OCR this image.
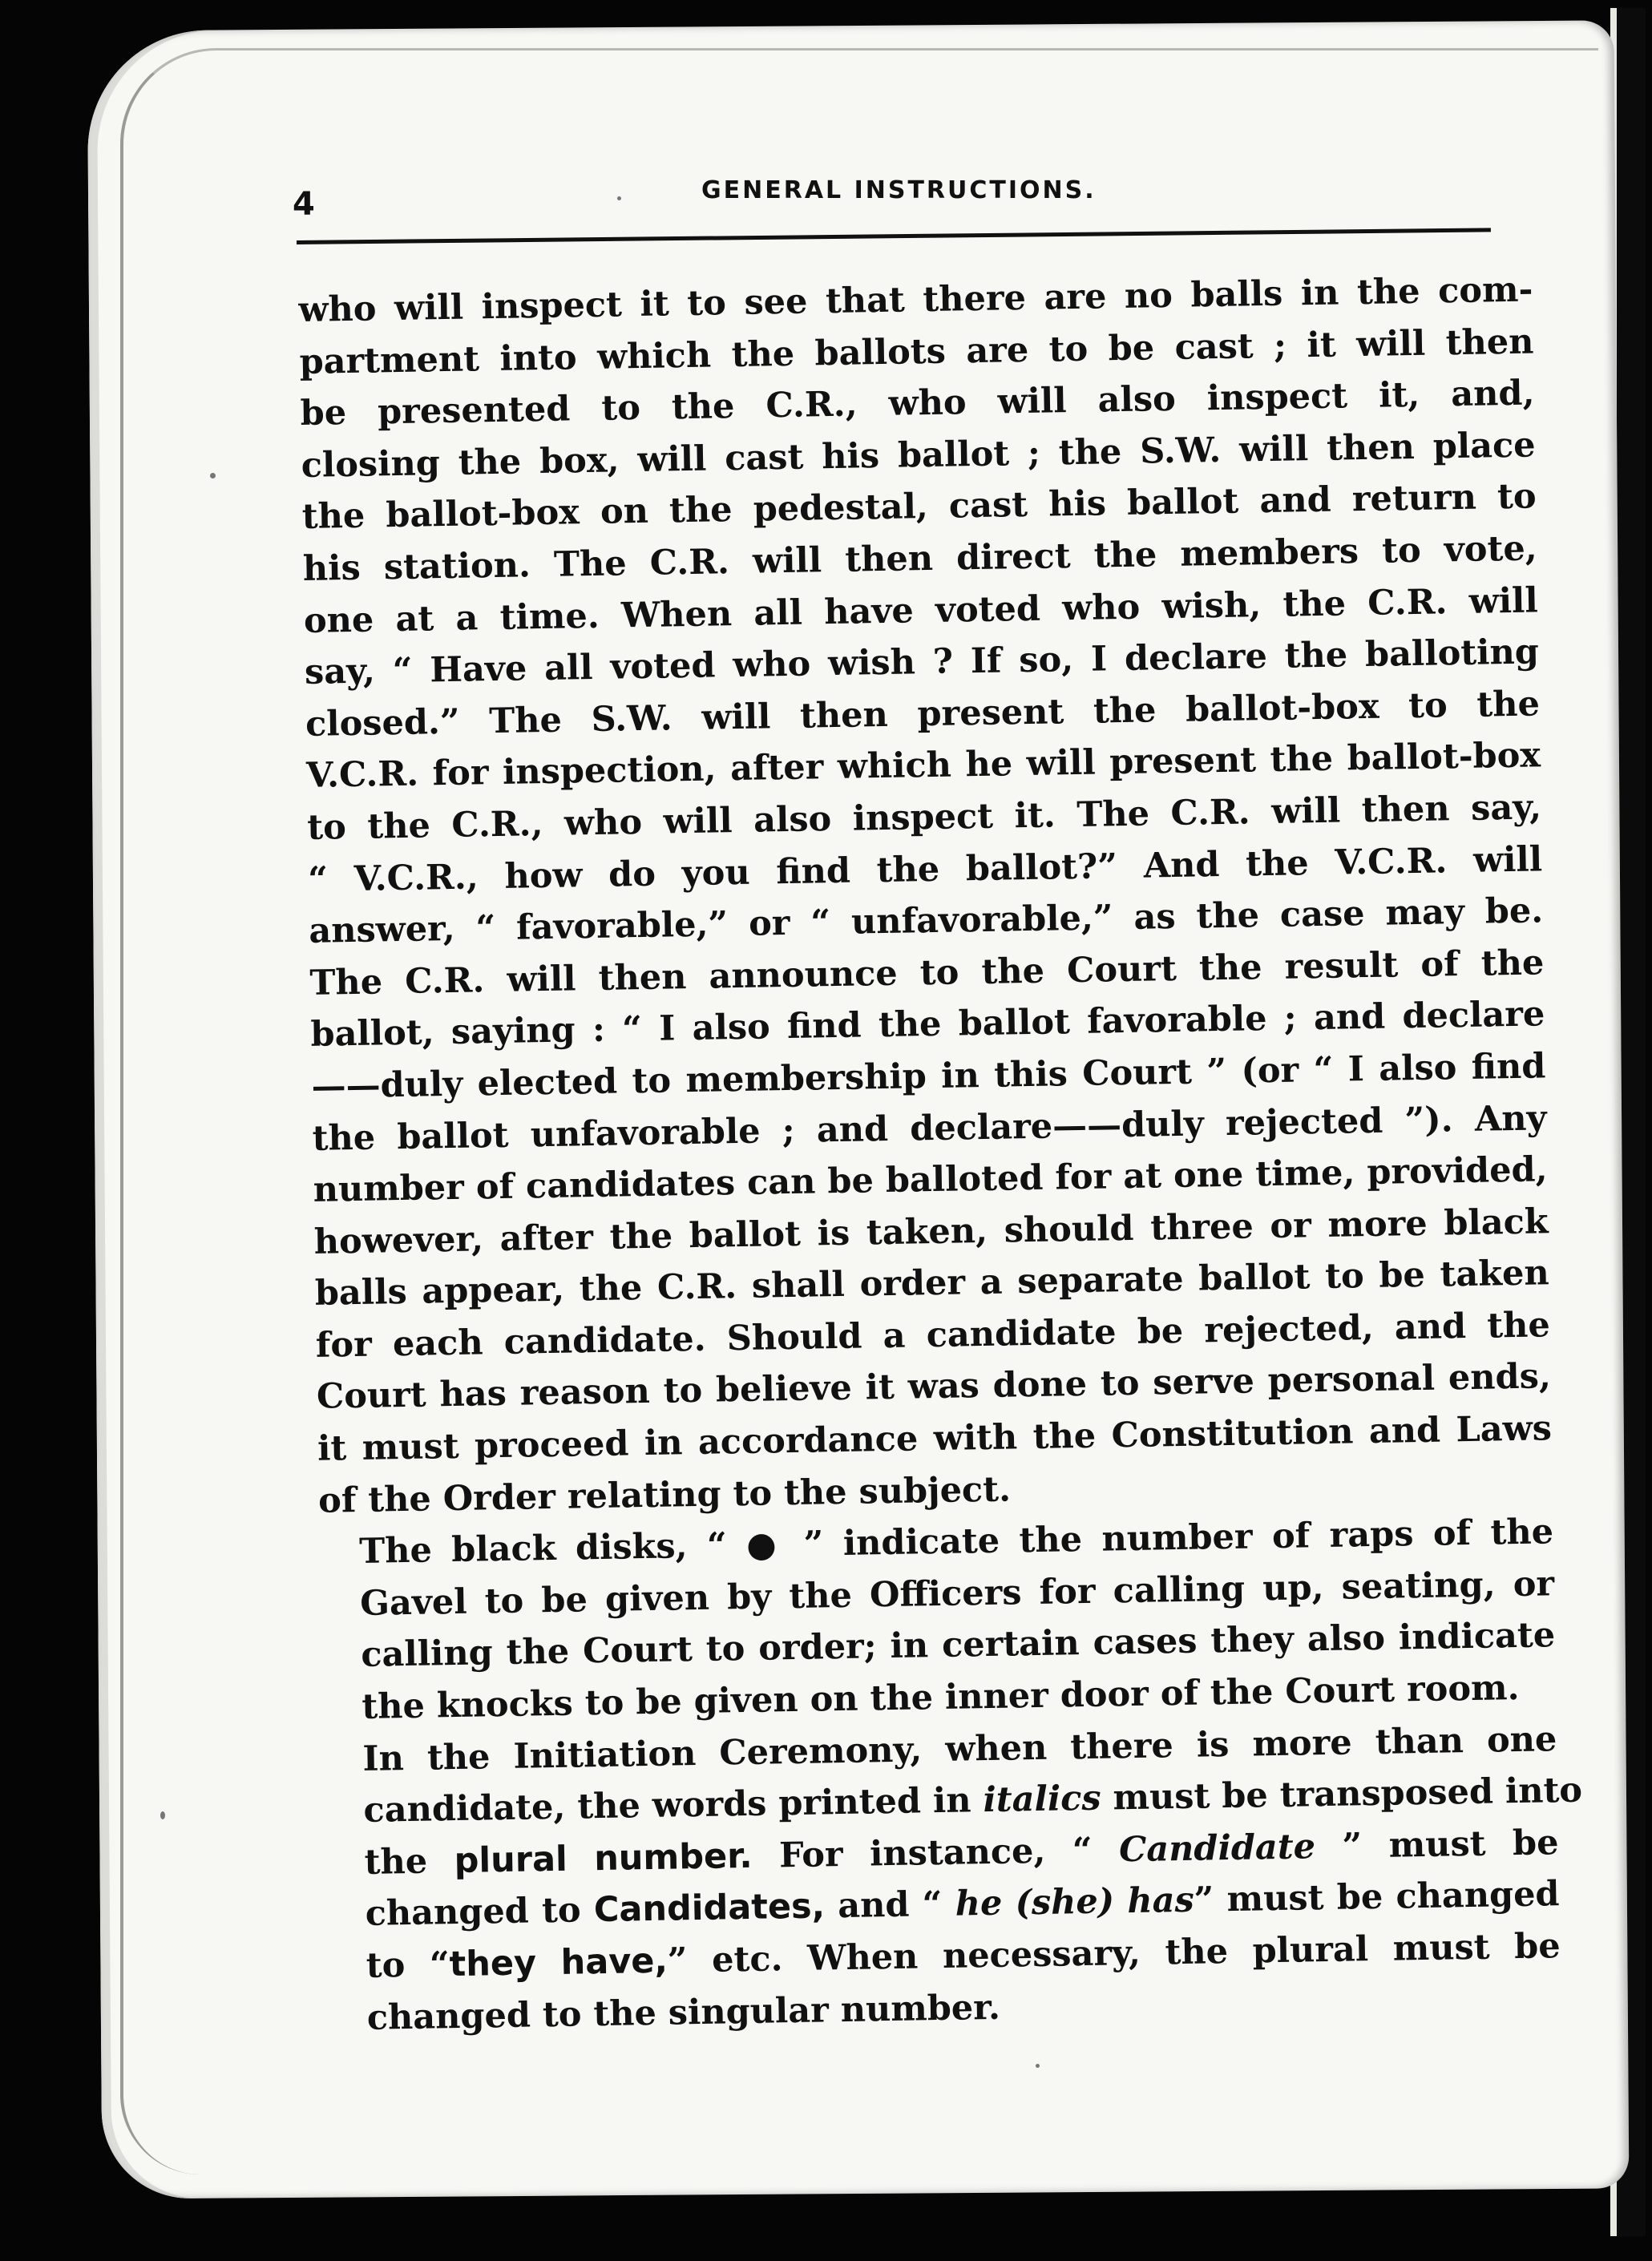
4	GENERAL INSTRUCTIONS.

who will inspect it to see that there are no balls in the com-
partment into which the ballots are to be cast ; it will then
be presented to the C.R., who will also inspect it, and,
closing the box, will cast his ballot ; the S.W. will then place
the ballot-box on the pedestal, cast his ballot and return to
his station. The C.R. will then direct the members to vote,
one at a time. When all have voted who wish, the C.R. will
say, “ Have all voted who wish ? If so, I declare the balloting
closed.” The S.W. will then present the ballot-box to the
V.C.R. for inspection, after which he will present the ballot-box
to the C.R., who will also inspect it. The C.R. will then say,
“ V.C.R., how do you find the ballot?” And the V.C.R. will
answer, “ favorable,” or “ unfavorable,” as the case may be.
The C.R. will then announce to the Court the result of the
ballot, saying : “ I also find the ballot favorable ; and declare
——duly elected to membership in this Court ” (or “ I also find
the ballot unfavorable ; and declare——duly rejected ”). Any
number of candidates can be balloted for at one time, provided,
however, after the ballot is taken, should three or more black
balls appear, the C.R. shall order a separate ballot to be taken
for each candidate. Should a candidate be rejected, and the
Court has reason to believe it was done to serve personal ends,
it must proceed in accordance with the Constitution and Laws
of the Order relating to the subject.

The black disks, “ ● ” indicate the number of raps of the
Gavel to be given by the Officers for calling up, seating, or
calling the Court to order; in certain cases they also indicate
the knocks to be given on the inner door of the Court room.

In the Initiation Ceremony, when there is more than one
candidate, the words printed in italics must be transposed into
the plural number. For instance, “ Candidate ” must be
changed to Candidates, and “ he (she) has” must be changed
to “they have,” etc. When necessary, the plural must be
changed to the singular number.
